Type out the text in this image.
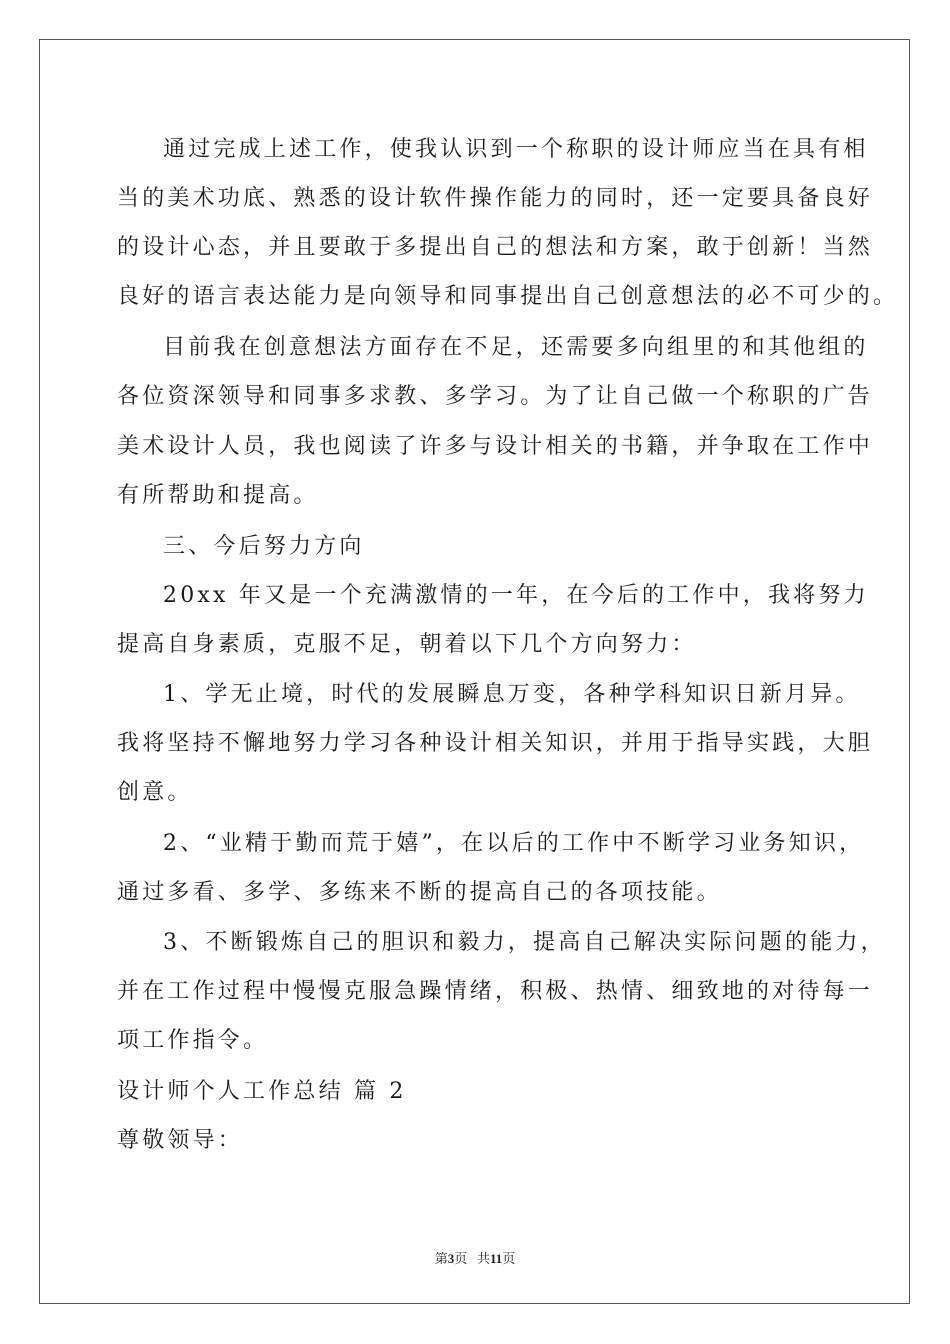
通过完成上述工作，使我认识到一个称职的设计师应当在具有相
当的美术功底、熟悉的设计软件操作能力的同时，还一定要具备良好
的设计心态，并且要敢于多提出自己的想法和方案，敢于创新！当然
良好的语言表达能力是向领导和同事提出自己创意想法的必不可少的。
目前我在创意想法方面存在不足，还需要多向组里的和其他组的
各位资深领导和同事多求教、多学习。为了让自己做一个称职的广告
美术设计人员，我也阅读了许多与设计相关的书籍，并争取在工作中
有所帮助和提高。
三、今后努力方向
20xx 年又是一个充满激情的一年，在今后的工作中，我将努力
提高自身素质，克服不足，朝着以下几个方向努力：
1、学无止境，时代的发展瞬息万变，各种学科知识日新月异。
我将坚持不懈地努力学习各种设计相关知识，并用于指导实践，大胆
创意。
2、“业精于勤而荒于嬉”，在以后的工作中不断学习业务知识，
通过多看、多学、多练来不断的提高自己的各项技能。
3、不断锻炼自己的胆识和毅力，提高自己解决实际问题的能力，
并在工作过程中慢慢克服急躁情绪，积极、热情、细致地的对待每一
项工作指令。
设计师个人工作总结 篇 2
尊敬领导：
第3页 共11页
